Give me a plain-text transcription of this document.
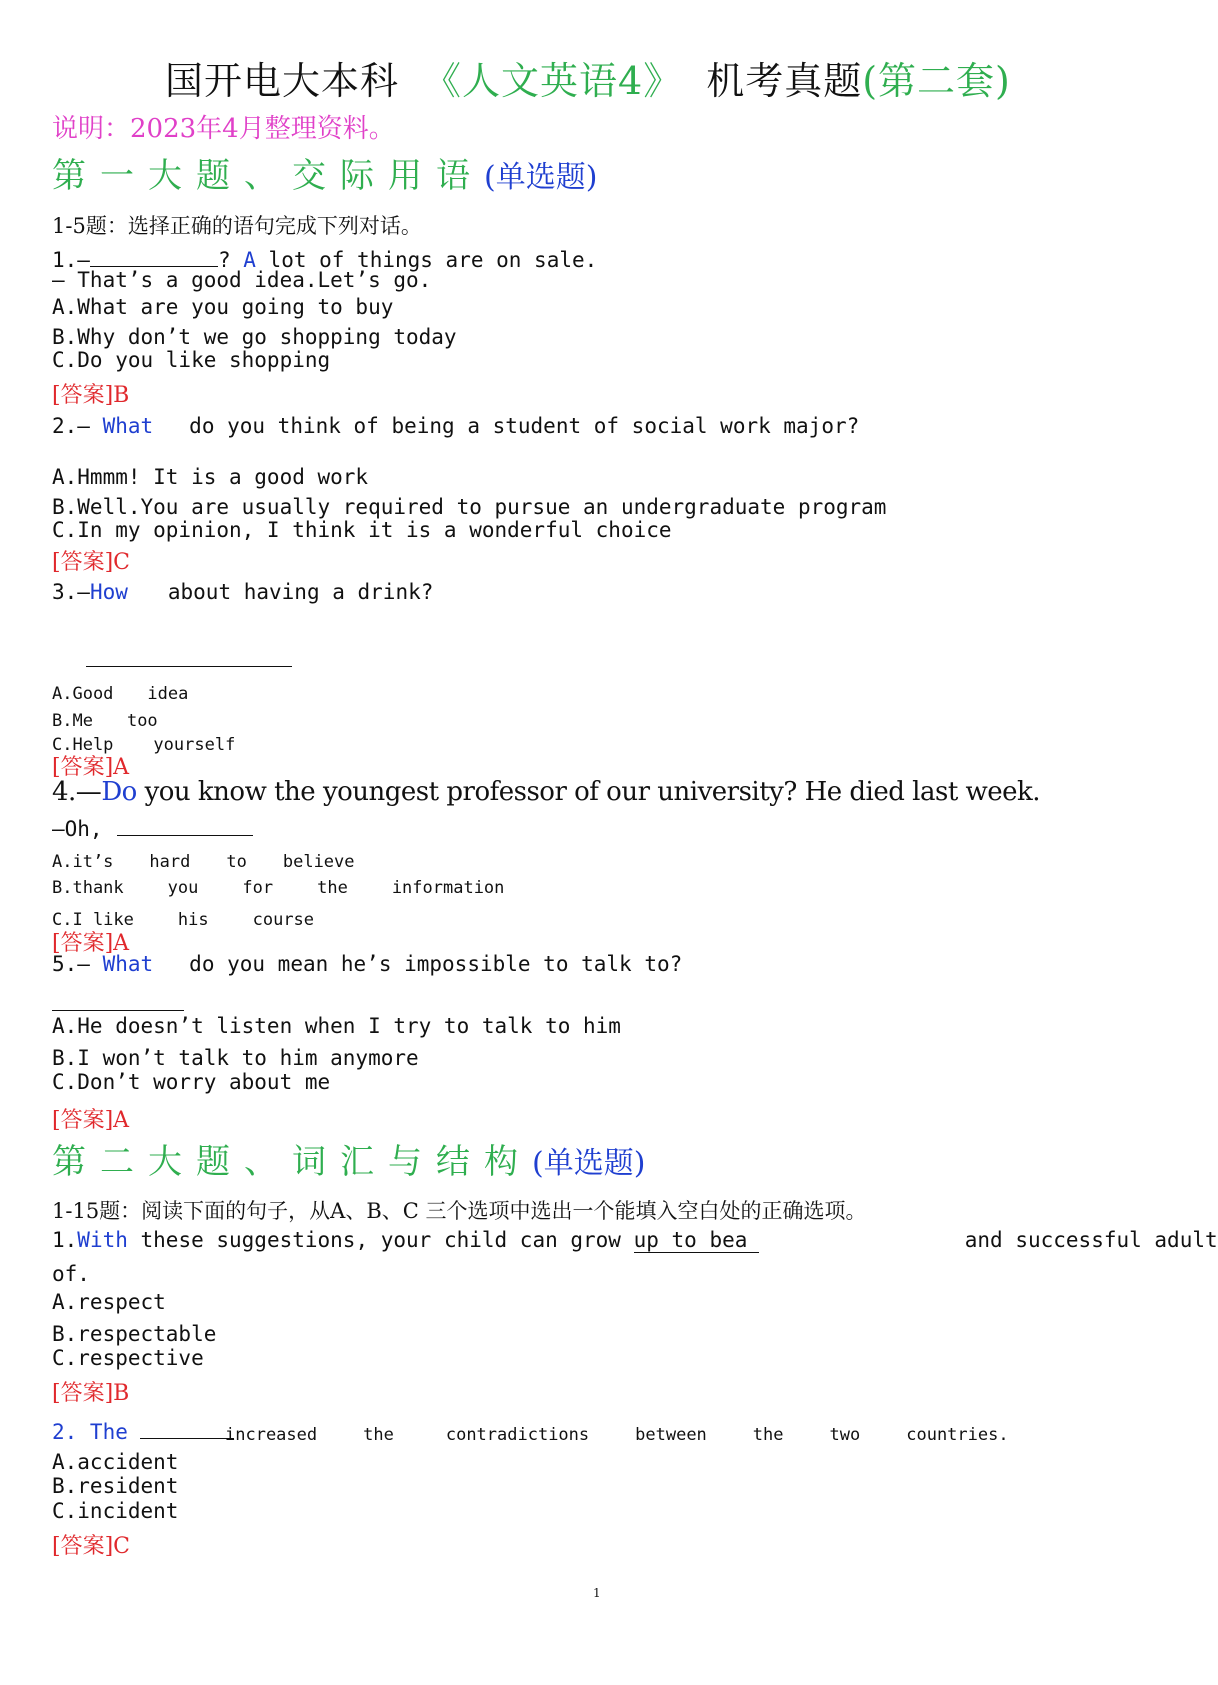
国开电大本科 《人文英语4》 机考真题(第二套)
说明：2023年4月整理资料。
第一大题、交际用语(单选题)
1-5题：选择正确的语句完成下列对话。
1.—	? A lot of things are on sale.
— That’s a good idea.Let’s go.
A.What are you going to buy
B.Why don’t we go shopping today
C.Do you like shopping
[答案]B
2.— What do you think of being a student of social work major?
A.Hmmm! It is a good work
B.Well.You are usually required to pursue an undergraduate program
C.In my opinion, I think it is a wonderful choice
[答案]C
3.—How about having a drink?
A.Good idea
B.Me too
C.Help yourself
[答案]A
4.—Do you know the youngest professor of our university? He died last week.
—Oh,
A.it’s hard to believe
B.thank	you	for	the	information
C.I like	his	course
[答案]A
5.— What do you mean he’s impossible to talk to?
A.He doesn’t listen when I try to talk to him
B.I won’t talk to him anymore
C.Don’t worry about me
[答案]A
第二大题、词汇与结构(单选题)
1-15题：阅读下面的句子，从A、B、C 三个选项中选出一个能填入空白处的正确选项。
1.With these suggestions, your child can grow up to bea	and successful adult
of.
A.respect
B.respectable
C.respective
[答案]B
2. The	increased	the	contradictions	between	the	two	countries.
A.accident
B.resident
C.incident
[答案]C
1
